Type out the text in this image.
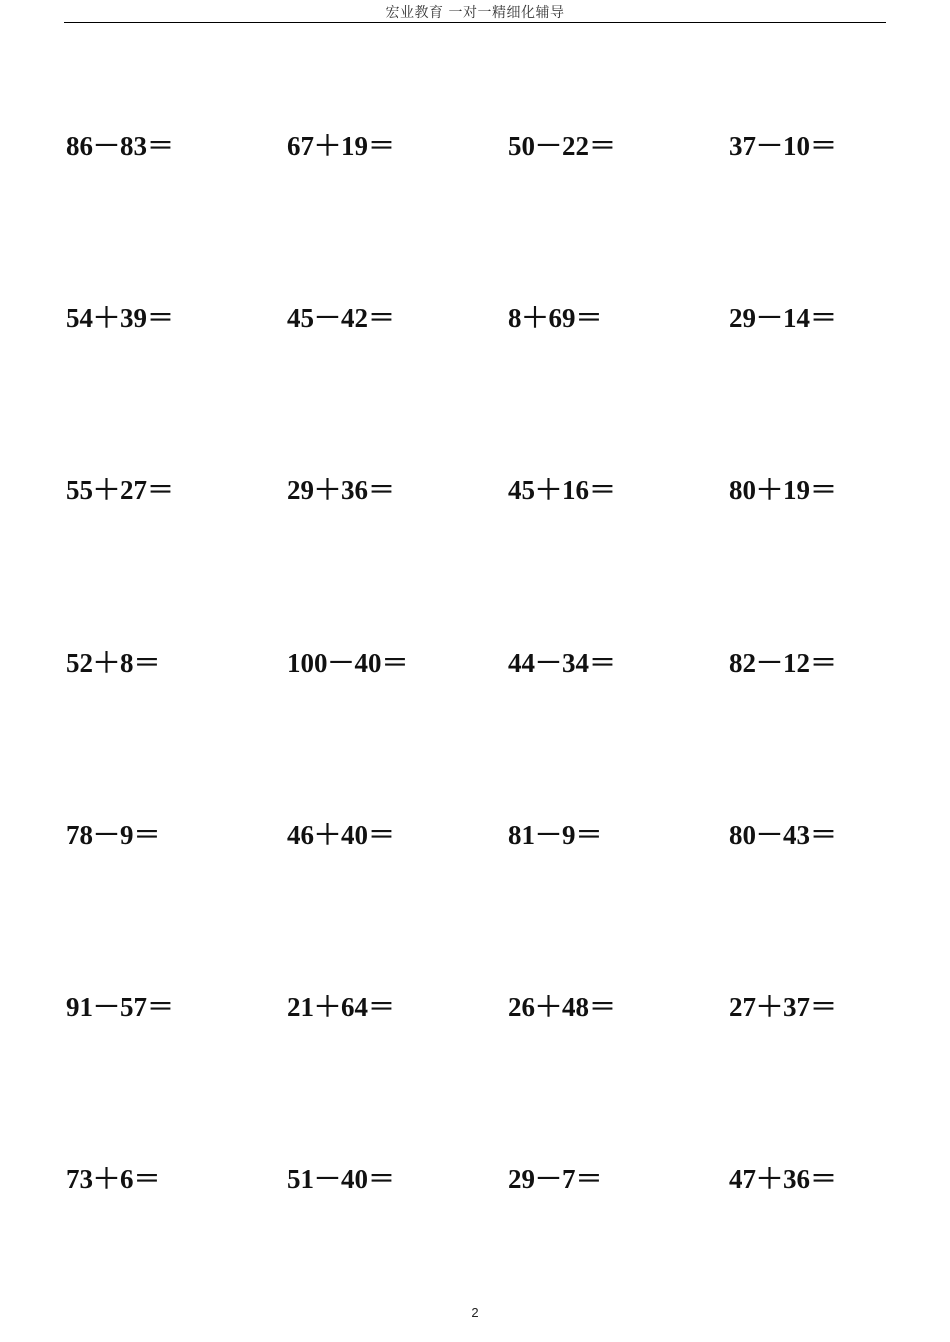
宏业教育 一对一精细化辅导
86－83＝	67＋19＝	50－22＝	37－10＝
54＋39＝	45－42＝	8＋69＝	29－14＝
55＋27＝	29＋36＝	45＋16＝	80＋19＝
52＋8＝	100－40＝	44－34＝	82－12＝
78－9＝	46＋40＝	81－9＝	80－43＝
91－57＝	21＋64＝	26＋48＝	27＋37＝
73＋6＝	51－40＝	29－7＝	47＋36＝
2
